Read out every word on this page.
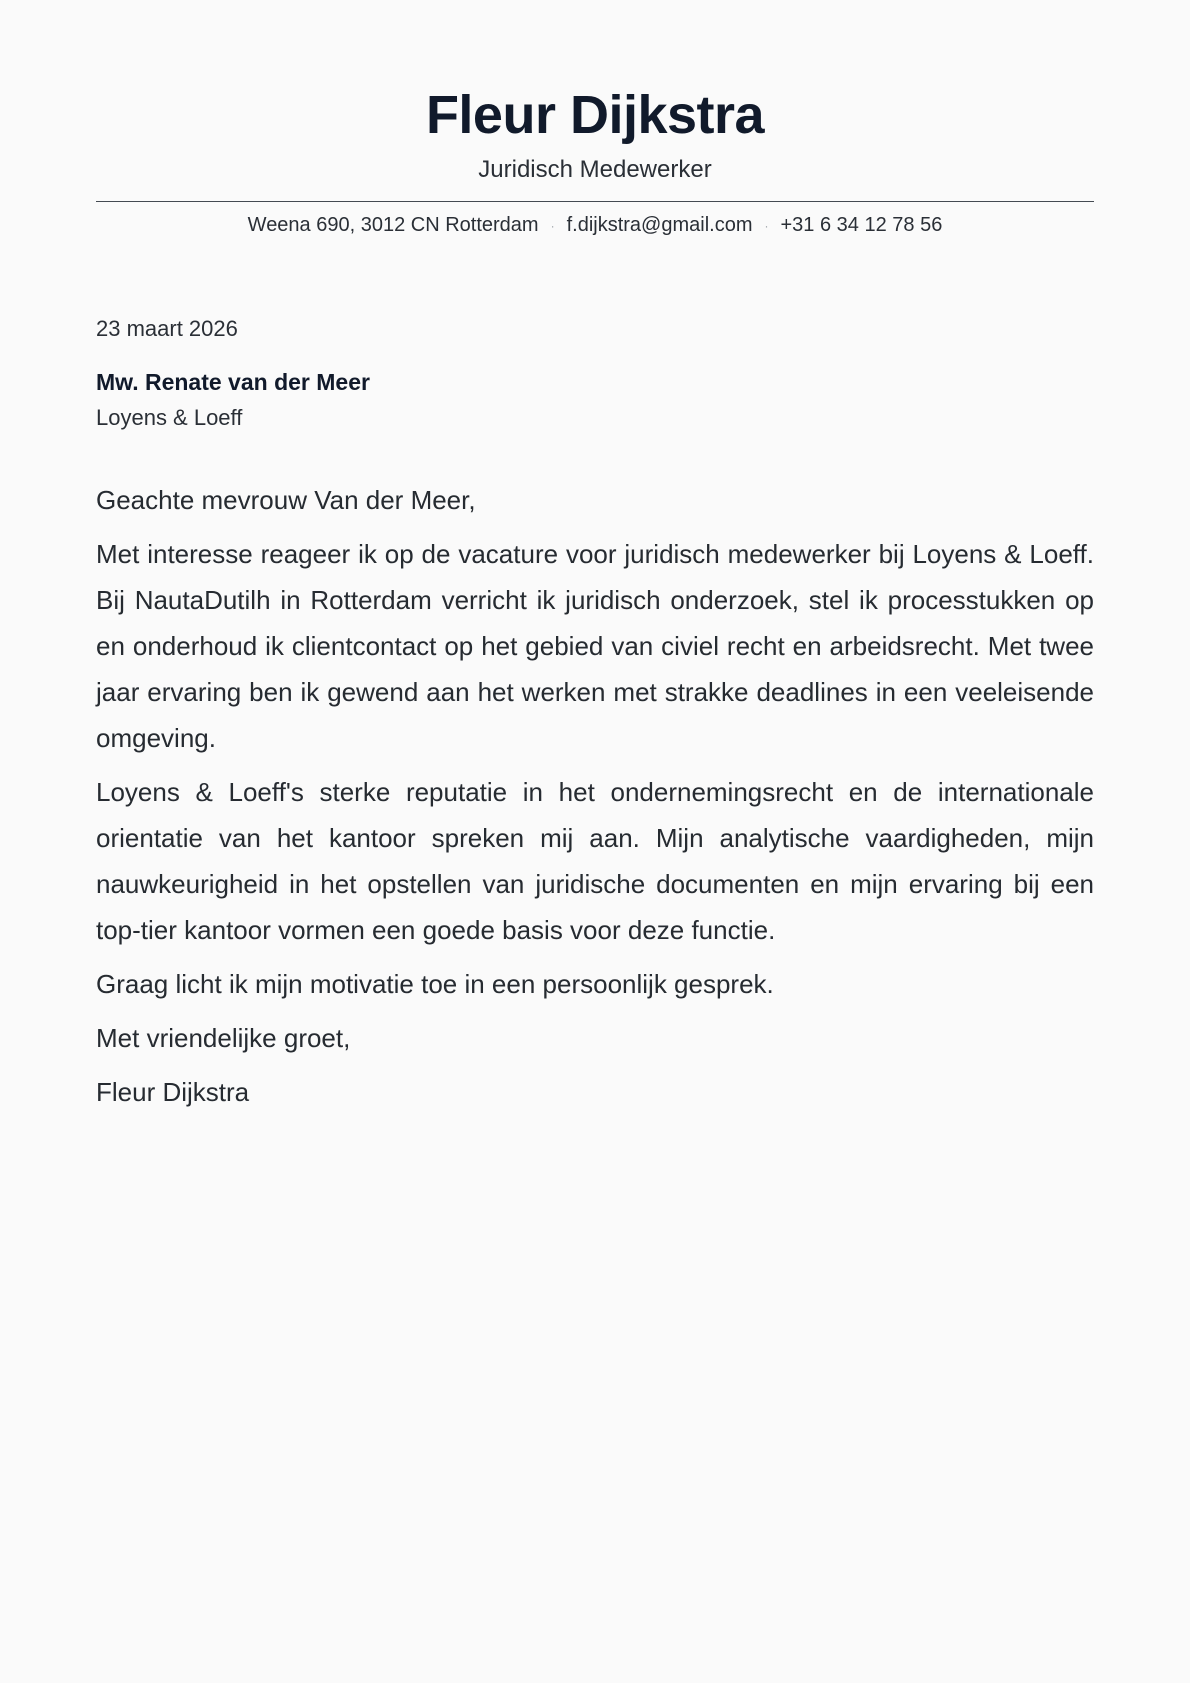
Fleur Dijkstra
Juridisch Medewerker
Weena 690, 3012 CN Rotterdam · f.dijkstra@gmail.com · +31 6 34 12 78 56
23 maart 2026
Mw. Renate van der Meer
Loyens & Loeff

Geachte mevrouw Van der Meer,

Met interesse reageer ik op de vacature voor juridisch medewerker bij Loyens & Loeff. Bij NautaDutilh in Rotterdam verricht ik juridisch onderzoek, stel ik processtukken op en onderhoud ik clientcontact op het gebied van civiel recht en arbeidsrecht. Met twee jaar ervaring ben ik gewend aan het werken met strakke deadlines in een veeleisende omgeving.

Loyens & Loeff's sterke reputatie in het ondernemingsrecht en de internationale orientatie van het kantoor spreken mij aan. Mijn analytische vaardigheden, mijn nauwkeurigheid in het opstellen van juridische documenten en mijn ervaring bij een top-tier kantoor vormen een goede basis voor deze functie.

Graag licht ik mijn motivatie toe in een persoonlijk gesprek.

Met vriendelijke groet,

Fleur Dijkstra
